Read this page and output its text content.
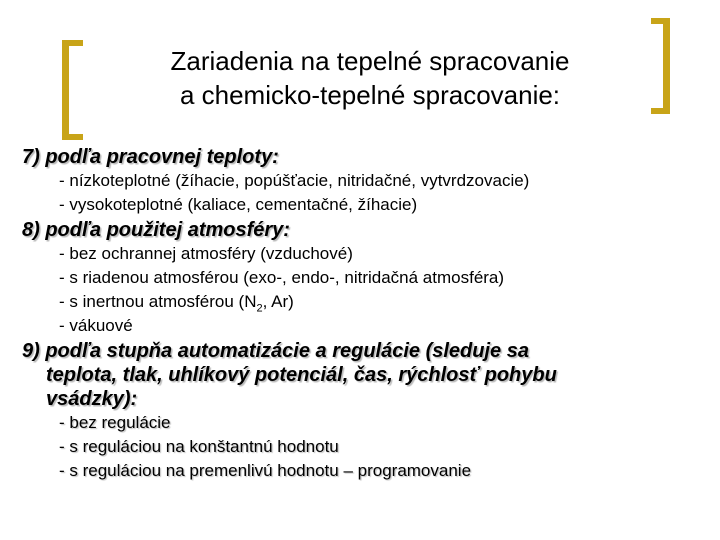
Zariadenia na tepelné spracovanie
a chemicko-tepelné spracovanie:
7) podľa pracovnej teploty:
- nízkoteplotné (žíhacie, popúšťacie, nitridačné, vytvrdzovacie)
- vysokoteplotné (kaliace, cementačné, žíhacie)
8) podľa použitej atmosféry:
- bez ochrannej atmosféry (vzduchové)
- s riadenou atmosférou (exo-, endo-, nitridačná atmosféra)
- s inertnou atmosférou ($N_2$, Ar)
- vákuové
9) podľa stupňa automatizácie a regulácie (sleduje sa
teplota, tlak, uhlíkový potenciál, čas, rýchlosť pohybu
vsádzky):
- bez regulácie
- s reguláciou na konštantnú hodnotu
- s reguláciou na premenlivú hodnotu – programovanie
